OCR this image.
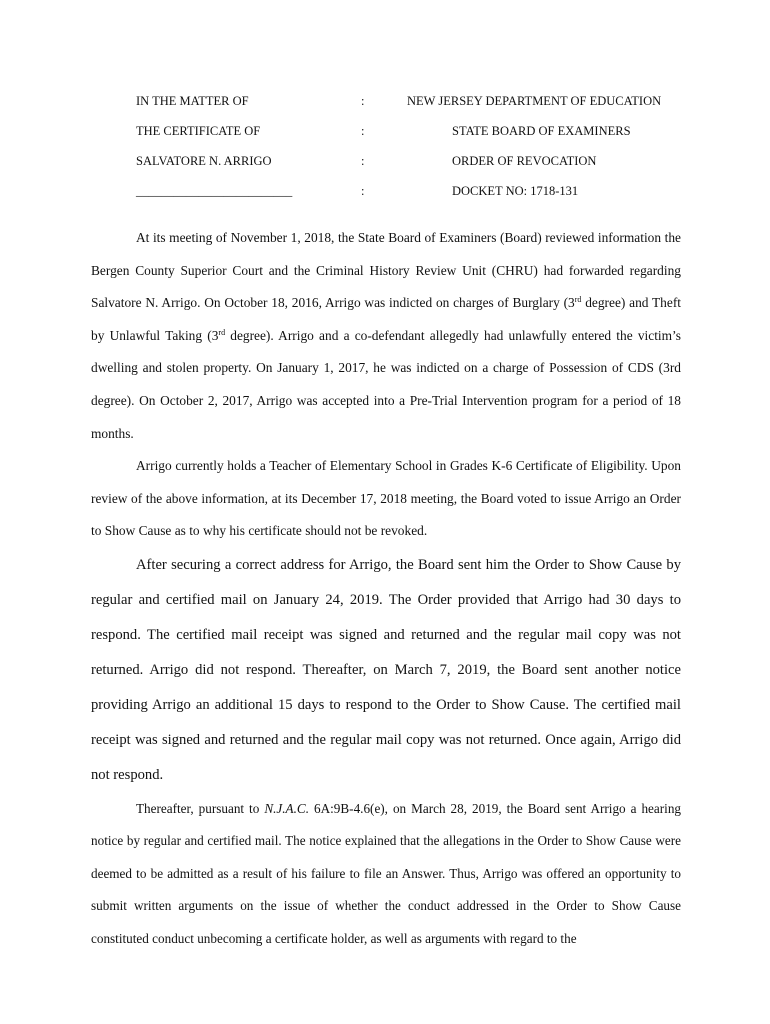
IN THE MATTER OF	:	NEW JERSEY DEPARTMENT OF EDUCATION
THE CERTIFICATE OF	:	STATE BOARD OF EXAMINERS
SALVATORE N. ARRIGO	:	ORDER OF REVOCATION
_________________________	:	DOCKET NO: 1718-131

At its meeting of November 1, 2018, the State Board of Examiners (Board) reviewed information the Bergen County Superior Court and the Criminal History Review Unit (CHRU) had forwarded regarding Salvatore N. Arrigo. On October 18, 2016, Arrigo was indicted on charges of Burglary (3rd degree) and Theft by Unlawful Taking (3rd degree). Arrigo and a co-defendant allegedly had unlawfully entered the victim’s dwelling and stolen property. On January 1, 2017, he was indicted on a charge of Possession of CDS (3rd degree). On October 2, 2017, Arrigo was accepted into a Pre-Trial Intervention program for a period of 18 months.

Arrigo currently holds a Teacher of Elementary School in Grades K-6 Certificate of Eligibility. Upon review of the above information, at its December 17, 2018 meeting, the Board voted to issue Arrigo an Order to Show Cause as to why his certificate should not be revoked.

After securing a correct address for Arrigo, the Board sent him the Order to Show Cause by regular and certified mail on January 24, 2019. The Order provided that Arrigo had 30 days to respond. The certified mail receipt was signed and returned and the regular mail copy was not returned. Arrigo did not respond. Thereafter, on March 7, 2019, the Board sent another notice providing Arrigo an additional 15 days to respond to the Order to Show Cause. The certified mail receipt was signed and returned and the regular mail copy was not returned. Once again, Arrigo did not respond.

Thereafter, pursuant to N.J.A.C. 6A:9B-4.6(e), on March 28, 2019, the Board sent Arrigo a hearing notice by regular and certified mail. The notice explained that the allegations in the Order to Show Cause were deemed to be admitted as a result of his failure to file an Answer. Thus, Arrigo was offered an opportunity to submit written arguments on the issue of whether the conduct addressed in the Order to Show Cause constituted conduct unbecoming a certificate holder, as well as arguments with regard to the
